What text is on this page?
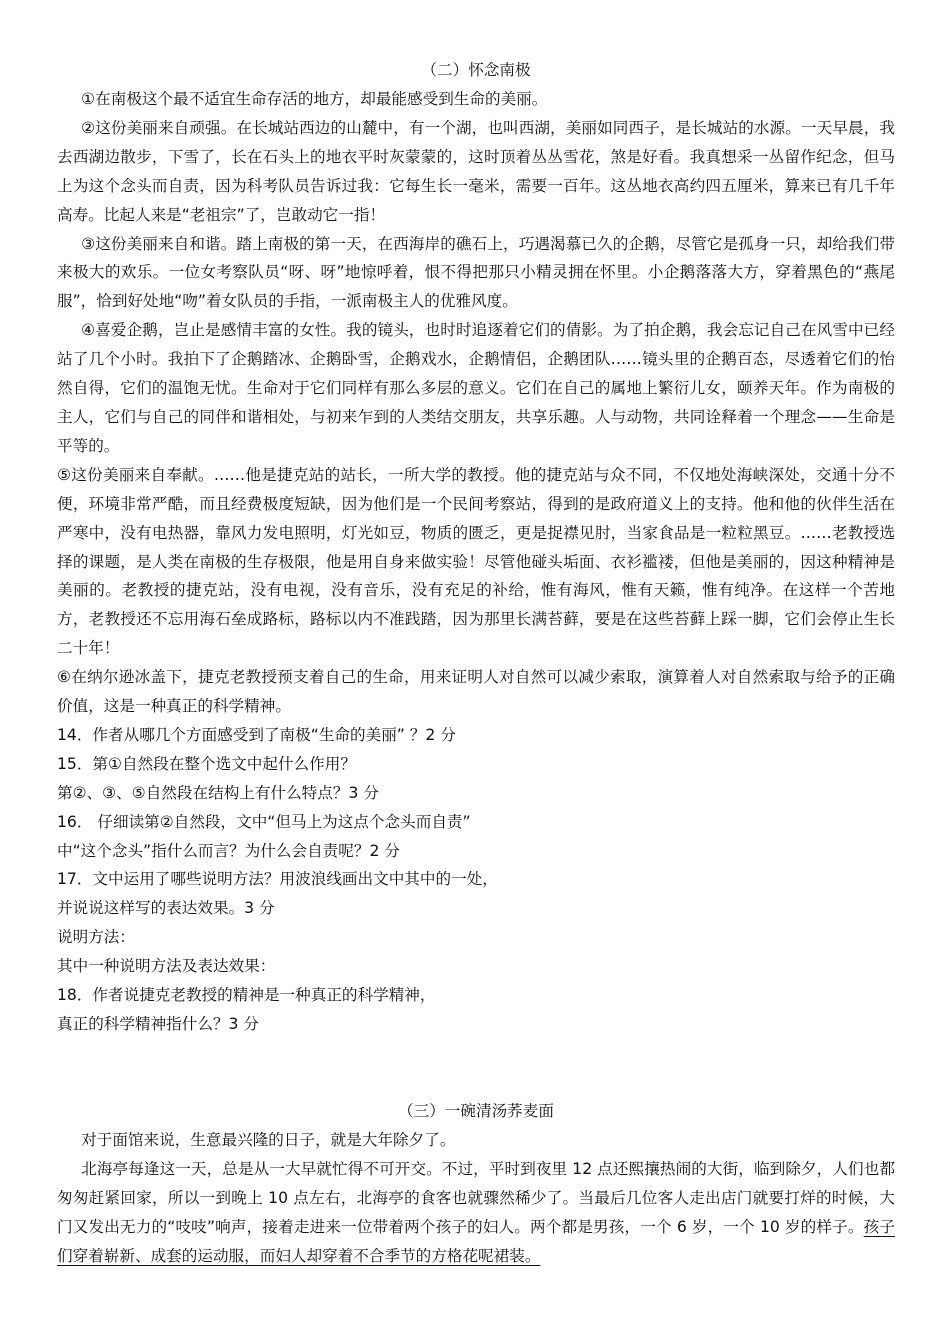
（二）怀念南极

①在南极这个最不适宜生命存活的地方，却最能感受到生命的美丽。

②这份美丽来自顽强。在长城站西边的山麓中，有一个湖，也叫西湖，美丽如同西子，是长城站的水源。一天早晨，我去西湖边散步，下雪了，长在石头上的地衣平时灰蒙蒙的，这时顶着丛丛雪花，煞是好看。我真想采一丛留作纪念，但马上为这个念头而自责，因为科考队员告诉过我：它每生长一毫米，需要一百年。这丛地衣高约四五厘米，算来已有几千年高寿。比起人来是“老祖宗”了，岂敢动它一指！

③这份美丽来自和谐。踏上南极的第一天，在西海岸的礁石上，巧遇渴慕已久的企鹅，尽管它是孤身一只，却给我们带来极大的欢乐。一位女考察队员“呀、呀”地惊呼着，恨不得把那只小精灵拥在怀里。小企鹅落落大方，穿着黑色的“燕尾服”，恰到好处地“吻”着女队员的手指，一派南极主人的优雅风度。

④喜爱企鹅，岂止是感情丰富的女性。我的镜头，也时时追逐着它们的倩影。为了拍企鹅，我会忘记自己在风雪中已经站了几个小时。我拍下了企鹅踏冰、企鹅卧雪，企鹅戏水，企鹅情侣，企鹅团队……镜头里的企鹅百态，尽透着它们的怡然自得，它们的温饱无忧。生命对于它们同样有那么多层的意义。它们在自己的属地上繁衍儿女，颐养天年。作为南极的主人，它们与自己的同伴和谐相处，与初来乍到的人类结交朋友，共享乐趣。人与动物，共同诠释着一个理念——生命是平等的。

⑤这份美丽来自奉献。……他是捷克站的站长，一所大学的教授。他的捷克站与众不同，不仅地处海峡深处，交通十分不便，环境非常严酷，而且经费极度短缺，因为他们是一个民间考察站，得到的是政府道义上的支持。他和他的伙伴生活在严寒中，没有电热器，靠风力发电照明，灯光如豆，物质的匮乏，更是捉襟见肘，当家食品是一粒粒黑豆。……老教授选择的课题，是人类在南极的生存极限，他是用自身来做实验！尽管他碰头垢面、衣衫褴褛，但他是美丽的，因这种精神是美丽的。老教授的捷克站，没有电视，没有音乐，没有充足的补给，惟有海风，惟有天籁，惟有纯净。在这样一个苦地方，老教授还不忘用海石垒成路标，路标以内不准践踏，因为那里长满苔藓，要是在这些苔藓上踩一脚，它们会停止生长二十年！

⑥在纳尔逊冰盖下，捷克老教授预支着自己的生命，用来证明人对自然可以减少索取，演算着人对自然索取与给予的正确价值，这是一种真正的科学精神。

14．作者从哪几个方面感受到了南极“生命的美丽” ？2 分
15．第①自然段在整个选文中起什么作用？
第②、③、⑤自然段在结构上有什么特点？3 分
16． 仔细读第②自然段，文中“但马上为这点个念头而自责”
中“这个念头”指什么而言？为什么会自责呢？2 分
17．文中运用了哪些说明方法？用波浪线画出文中其中的一处，
并说说这样写的表达效果。3 分
说明方法：
其中一种说明方法及表达效果：
18．作者说捷克老教授的精神是一种真正的科学精神，
真正的科学精神指什么？3 分
（三）一碗清汤荞麦面

对于面馆来说，生意最兴隆的日子，就是大年除夕了。

北海亭每逢这一天，总是从一大早就忙得不可开交。不过，平时到夜里 12 点还熙攘热闹的大街，临到除夕，人们也都匆匆赶紧回家，所以一到晚上 10 点左右，北海亭的食客也就骤然稀少了。当最后几位客人走出店门就要打烊的时候，大门又发出无力的“吱吱”响声，接着走进来一位带着两个孩子的妇人。两个都是男孩，一个 6 岁，一个 10 岁的样子。孩子们穿着崭新、成套的运动服，而妇人却穿着不合季节的方格花呢裙装。
